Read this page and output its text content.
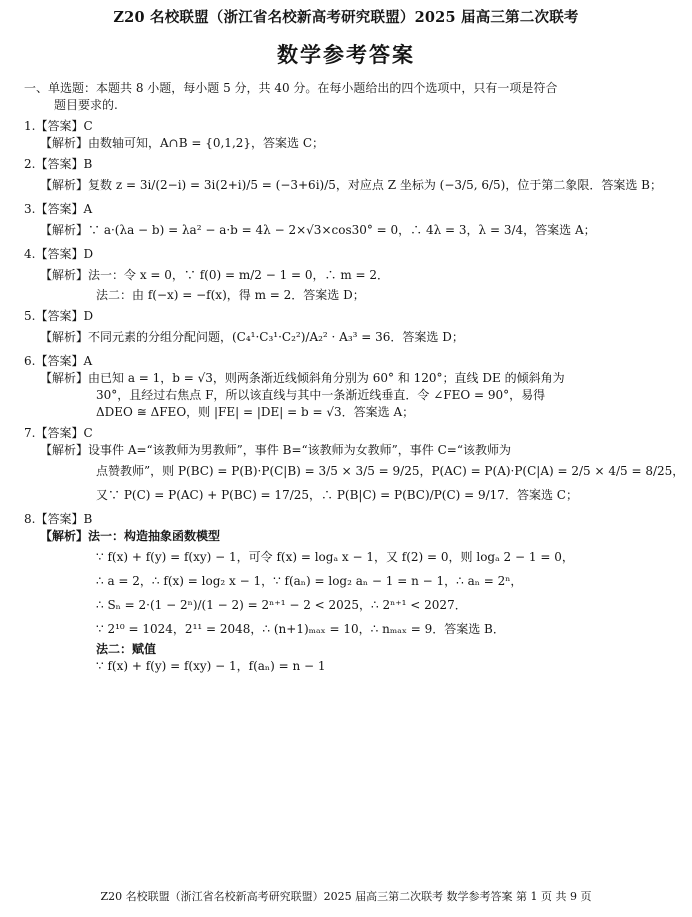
Z20 名校联盟（浙江省名校新高考研究联盟）2025 届高三第二次联考
数学参考答案
一、单选题：本题共 8 小题，每小题 5 分，共 40 分。在每小题给出的四个选项中，只有一项是符合
题目要求的.
1.【答案】C
【解析】由数轴可知，A∩B = {0,1,2}，答案选 C；
2.【答案】B
【解析】复数 z = 3i/(2−i) = 3i(2+i)/5 = (−3+6i)/5，对应点 Z 坐标为 (−3/5, 6/5)，位于第二象限．答案选 B；
3.【答案】A
【解析】∵ a·(λa − b) = λa² − a·b = 4λ − 2×√3×cos30° = 0，∴ 4λ = 3，λ = 3/4，答案选 A；
4.【答案】D
【解析】法一：令 x = 0，∵ f(0) = m/2 − 1 = 0，∴ m = 2．
法二：由 f(−x) = −f(x)，得 m = 2．答案选 D；
5.【答案】D
【解析】不同元素的分组分配问题，(C₄¹·C₃¹·C₂²)/A₂² · A₃³ = 36．答案选 D；
6.【答案】A
【解析】由已知 a = 1，b = √3，则两条渐近线倾斜角分别为 60° 和 120°；直线 DE 的倾斜角为
30°，且经过右焦点 F，所以该直线与其中一条渐近线垂直．令 ∠FEO = 90°，易得
ΔDEO ≅ ΔFEO，则 |FE| = |DE| = b = √3．答案选 A；
7.【答案】C
【解析】设事件 A=“该教师为男教师”，事件 B=“该教师为女教师”，事件 C=“该教师为
点赞教师”，则 P(BC) = P(B)·P(C|B) = 3/5 × 3/5 = 9/25，P(AC) = P(A)·P(C|A) = 2/5 × 4/5 = 8/25，
又∵ P(C) = P(AC) + P(BC) = 17/25，∴ P(B|C) = P(BC)/P(C) = 9/17．答案选 C；
8.【答案】B
【解析】法一：构造抽象函数模型
∵ f(x) + f(y) = f(xy) − 1，可令 f(x) = logₐ x − 1，又 f(2) = 0，则 logₐ 2 − 1 = 0，
∴ a = 2，∴ f(x) = log₂ x − 1，∵ f(aₙ) = log₂ aₙ − 1 = n − 1，∴ aₙ = 2ⁿ，
∴ Sₙ = 2·(1 − 2ⁿ)/(1 − 2) = 2ⁿ⁺¹ − 2 < 2025，∴ 2ⁿ⁺¹ < 2027．
∵ 2¹⁰ = 1024，2¹¹ = 2048，∴ (n+1)ₘₐₓ = 10，∴ nₘₐₓ = 9．答案选 B．
法二：赋值
∵ f(x) + f(y) = f(xy) − 1，f(aₙ) = n − 1
Z20 名校联盟（浙江省名校新高考研究联盟）2025 届高三第二次联考 数学参考答案 第 1 页 共 9 页
